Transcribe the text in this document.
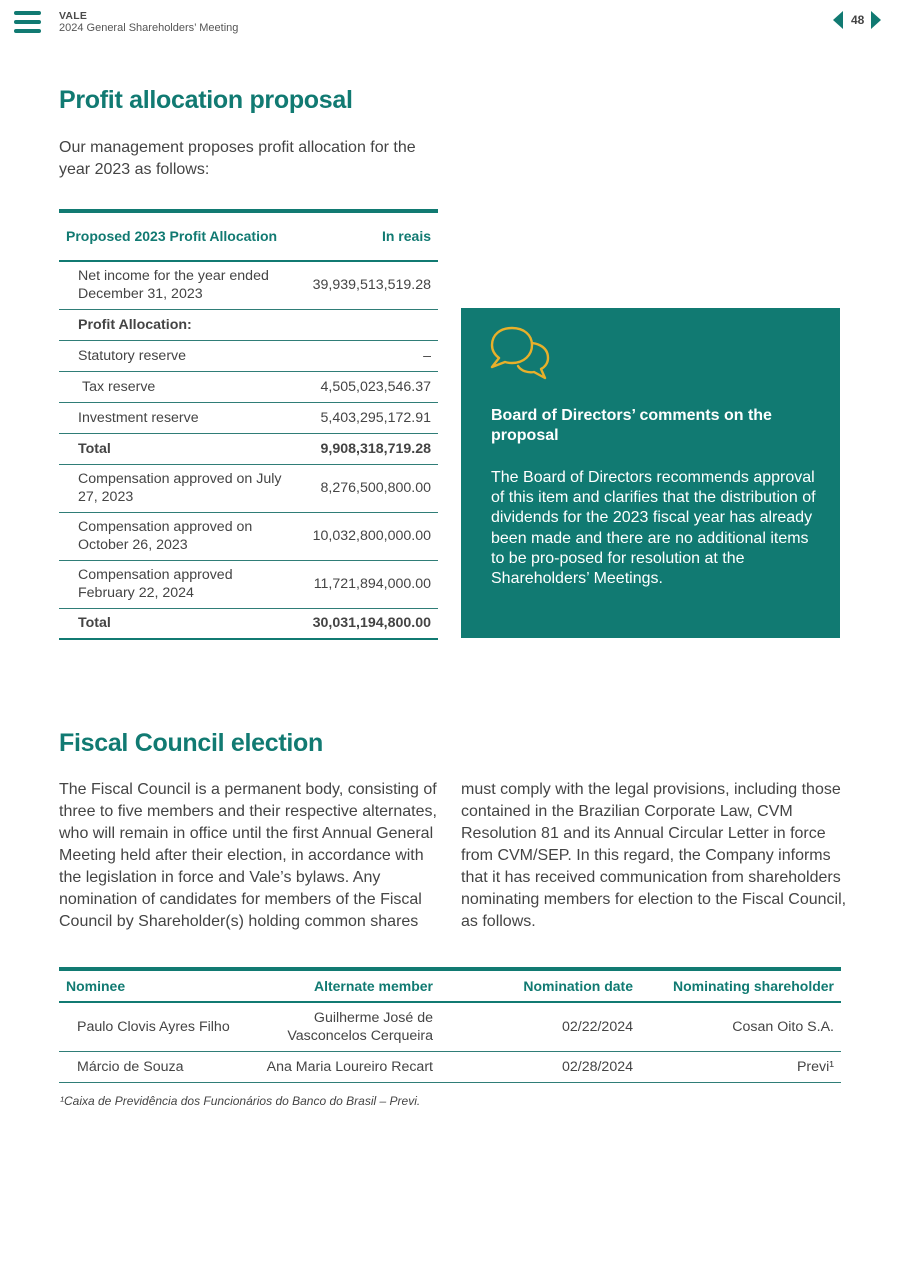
VALE
2024 General Shareholders’ Meeting
48
Profit allocation proposal

Our management proposes profit allocation for the year 2023 as follows:

Proposed 2023 Profit Allocation	In reais
Net income for the year ended December 31, 2023	39,939,513,519.28
Profit Allocation:	
Statutory reserve	–
Tax reserve	4,505,023,546.37
Investment reserve	5,403,295,172.91
Total	9,908,318,719.28
Compensation approved on July 27, 2023	8,276,500,800.00
Compensation approved on October 26, 2023	10,032,800,000.00
Compensation approved February 22, 2024	11,721,894,000.00
Total	30,031,194,800.00
Board of Directors’ comments on the proposal
The Board of Directors recommends approval of this item and clarifies that the distribution of dividends for the 2023 fiscal year has already been made and there are no additional items to be pro-posed for resolution at the Shareholders’ Meetings.
Fiscal Council election

The Fiscal Council is a permanent body, consisting of three to five members and their respective alternates, who will remain in office until the first Annual General Meeting held after their election, in accordance with the legislation in force and Vale’s bylaws. Any nomination of candidates for members of the Fiscal Council by Shareholder(s) holding common shares

must comply with the legal provisions, including those contained in the Brazilian Corporate Law, CVM Resolution 81 and its Annual Circular Letter in force from CVM/SEP. In this regard, the Company informs that it has received communication from shareholders nominating members for election to the Fiscal Council, as follows.

Nominee	Alternate member	Nomination date	Nominating shareholder
Paulo Clovis Ayres Filho	Guilherme José de Vasconcelos Cerqueira	02/22/2024	Cosan Oito S.A.
Márcio de Souza	Ana Maria Loureiro Recart	02/28/2024	Previ¹
¹Caixa de Previdência dos Funcionários do Banco do Brasil – Previ.
